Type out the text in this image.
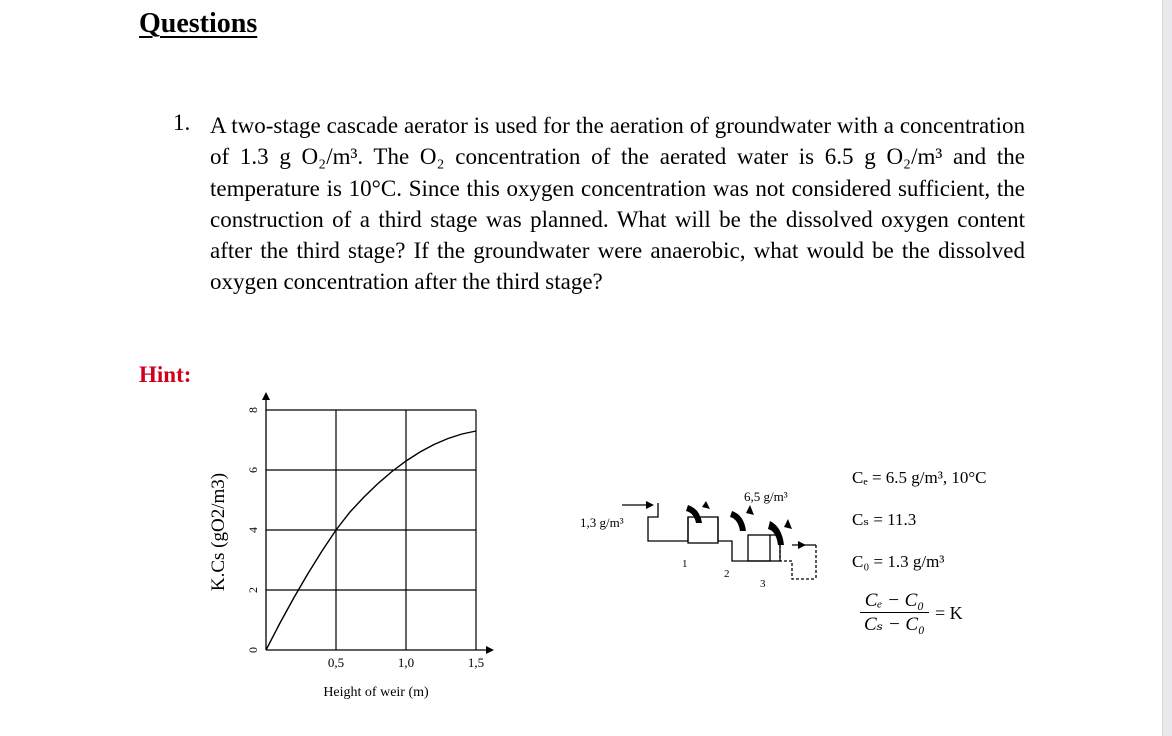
Questions
1. A two-stage cascade aerator is used for the aeration of groundwater with a concentration of 1.3 g O₂/m³. The O₂ concentration of the aerated water is 6.5 g O₂/m³ and the temperature is 10°C. Since this oxygen concentration was not considered sufficient, the construction of a third stage was planned. What will be the dissolved oxygen content after the third stage? If the groundwater were anaerobic, what would be the dissolved oxygen concentration after the third stage?
Hint:
0
2
4
6
8
0,5	1,0	1,5
Height of weir (m)
K.Cs (gO2/m3)	1,3 g/m³
6,5 g/m³
1
2
3
Cₑ = 6.5 g/m³, 10°C
Cₛ = 11.3
C₀ = 1.3 g/m³
$\frac{\text{Cₑ − C₀}}{\text{Cₛ − C₀}} = K$
